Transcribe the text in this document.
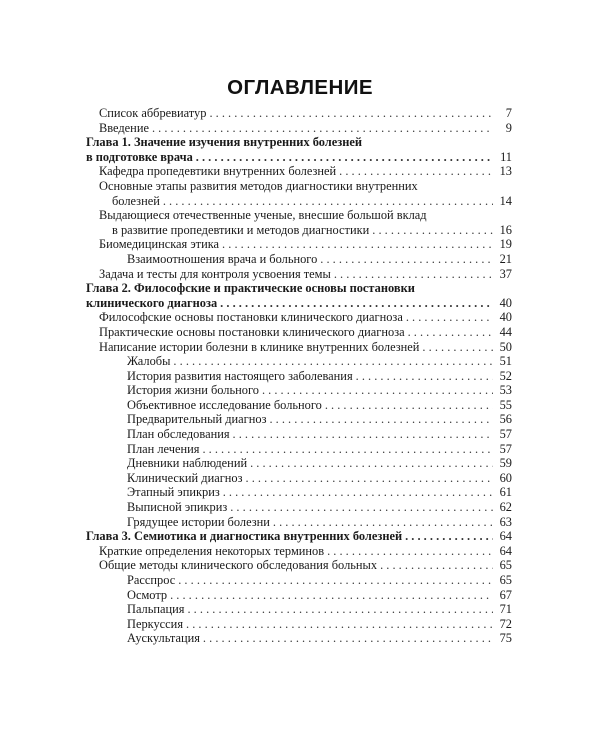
ОГЛАВЛЕНИЕ
Список аббревиатур . . .	7
Введение . . .	9
Глава 1. Значение изучения внутренних болезней
в подготовке врача . . .	11
Кафедра пропедевтики внутренних болезней . . .	13
Основные этапы развития методов диагностики внутренних
болезней . . .	14
Выдающиеся отечественные ученые, внесшие большой вклад
в развитие пропедевтики и методов диагностики . . .	16
Биомедицинская этика . . .	19
Взаимоотношения врача и больного . . .	21
Задача и тесты для контроля усвоения темы . . .	37
Глава 2. Философские и практические основы постановки
клинического диагноза . . .	40
Философские основы постановки клинического диагноза . . .	40
Практические основы постановки клинического диагноза . . .	44
Написание истории болезни в клинике внутренних болезней . . .	50
Жалобы . . .	51
История развития настоящего заболевания . . .	52
История жизни больного . . .	53
Объективное исследование больного . . .	55
Предварительный диагноз . . .	56
План обследования . . .	57
План лечения . . .	57
Дневники наблюдений . . .	59
Клинический диагноз . . .	60
Этапный эпикриз . . .	61
Выписной эпикриз . . .	62
Грядущее истории болезни . . .	63
Глава 3. Семиотика и диагностика внутренних болезней . . .	64
Краткие определения некоторых терминов . . .	64
Общие методы клинического обследования больных . . .	65
Расспрос . . .	65
Осмотр . . .	67
Пальпация . . .	71
Перкуссия . . .	72
Аускультация . . .	75
